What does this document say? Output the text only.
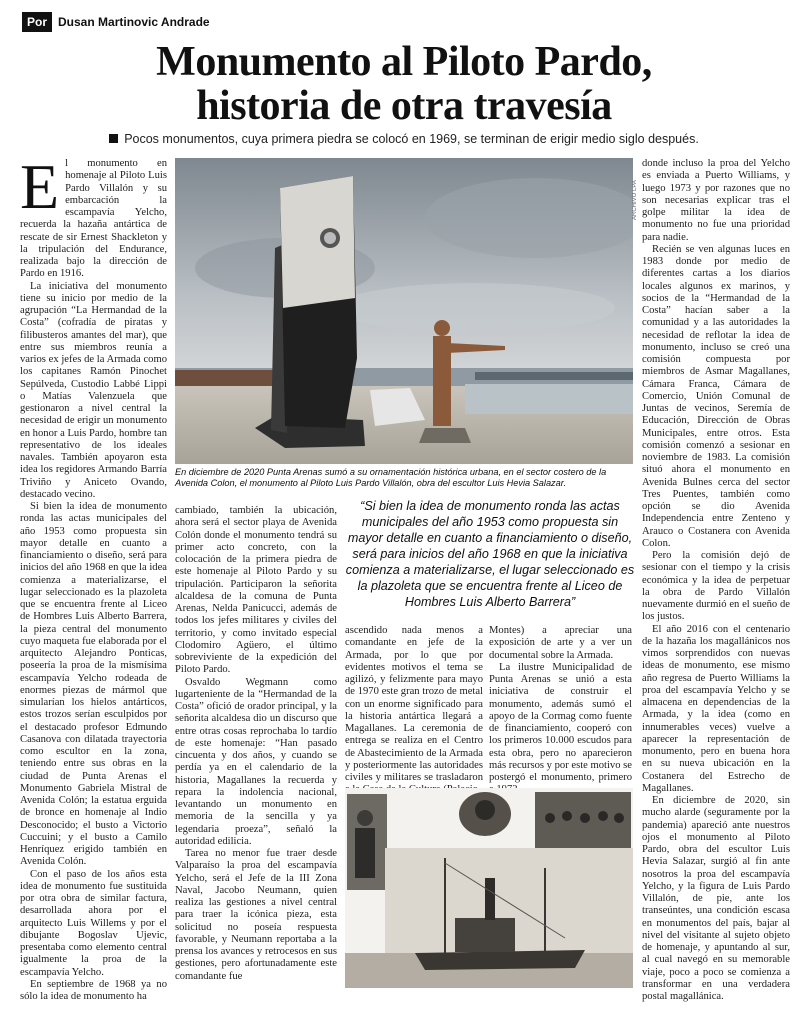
Por Dusan Martinovic Andrade
Monumento al Piloto Pardo,
historia de otra travesía
Pocos monumentos, cuya primera piedra se colocó en 1969, se terminan de erigir medio siglo después.
E l monumento en homenaje al Piloto Luis Pardo Villalón y su embarcación la escampavía Yelcho, recuerda la hazaña antártica de rescate de sir Ernest Shackleton y la tripulación del Endurance, realizada bajo la dirección de Pardo en 1916.

La iniciativa del monumento tiene su inicio por medio de la agrupación “La Hermandad de la Costa” (cofradía de piratas y filibusteros amantes del mar), que entre sus miembros reunía a varios ex jefes de la Armada como los capitanes Ramón Pinochet Sepúlveda, Custodio Labbé Lippi o Matías Valenzuela que gestionaron a nivel central la necesidad de erigir un monumento en honor a Luis Pardo, hombre tan representativo de los ideales navales. También apoyaron esta idea los regidores Armando Barría Triviño y Aniceto Ovando, destacado vecino.

Si bien la idea de monumento ronda las actas municipales del año 1953 como propuesta sin mayor detalle en cuanto a financiamiento o diseño, será para inicios del año 1968 en que la idea comienza a materializarse, el lugar seleccionado es la plazoleta que se encuentra frente al Liceo de Hombres Luis Alberto Barrera, la pieza central del monumento cuyo maqueta fue elaborada por el arquitecto Alejandro Ponticas, poseería la proa de la mismísima escampavía Yelcho rodeada de enormes piezas de mármol que simularían los hielos antárticos, estos trozos serían esculpidos por el destacado profesor Edmundo Casanova con dilatada trayectoria como escultor en la zona, teniendo entre sus obras en la ciudad de Punta Arenas el Monumento Gabriela Mistral de Avenida Colón; la estatua erguida de bronce en homenaje al Indio Desconocido; el busto a Victorio Cuccuini; y el busto a Camilo Henríquez erigido también en Avenida Colón.

Con el paso de los años esta idea de monumento fue sustituida por otra obra de similar factura, desarrollada ahora por el arquitecto Luis Willems y por el dibujante Bogoslav Ujevic, presentaba como elemento central igualmente la proa de la escampavía Yelcho.

En septiembre de 1968 ya no sólo la idea de monumento ha

ARCHIVO LPA

En diciembre de 2020 Punta Arenas sumó a su ornamentación histórica urbana, en el sector costero de la Avenida Colon, el monumento al Piloto Luis Pardo Villalón, obra del escultor Luis Hevia Salazar.

“Si bien la idea de monumento ronda las actas municipales del año 1953 como propuesta sin mayor detalle en cuanto a financiamiento o diseño, será para inicios del año 1968 en que la iniciativa comienza a materializarse, el lugar seleccionado es la plazoleta que se encuentra frente al Liceo de Hombres Luis Alberto Barrera”

cambiado, también la ubicación, ahora será el sector playa de Avenida Colón donde el monumento tendrá su primer acto concreto, con la colocación de la primera piedra de este homenaje al Piloto Pardo y su tripulación. Participaron la señorita alcaldesa de la comuna de Punta Arenas, Nelda Panicucci, además de todos los jefes militares y civiles del territorio, y como invitado especial Clodomiro Agüero, el último sobreviviente de la expedición del Piloto Pardo.

Osvaldo Wegmann como lugarteniente de la “Hermandad de la Costa” ofició de orador principal, y la señorita alcaldesa dio un discurso que entre otras cosas reprochaba lo tardío de este homenaje: “Han pasado cincuenta y dos años, y cuando se perdía ya en el calendario de la historia, Magallanes la recuerda y repara la indolencia nacional, levantando un monumento en memoria de la sencilla y ya legendaria proeza”, señaló la autoridad edilicia.

Tarea no menor fue traer desde Valparaíso la proa del escampavía Yelcho, será el Jefe de la III Zona Naval, Jacobo Neumann, quien realiza las gestiones a nivel central para traer la icónica pieza, esta solicitud no poseía respuesta favorable, y Neumann reportaba a la prensa los avances y retrocesos en sus gestiones, pero afortunadamente este comandante fue

ascendido nada menos a comandante en jefe de la Armada, por lo que por evidentes motivos el tema se agilizó, y felizmente para mayo de 1970 este gran trozo de metal con un enorme significado para la historia antártica llegará a Magallanes. La ceremonia de entrega se realiza en el Centro de Abastecimiento de la Armada y posteriormente las autoridades civiles y militares se trasladaron

Montes) a apreciar una exposición de arte y a ver un documental sobre la Armada.

La ilustre Municipalidad de Punta Arenas se unió a esta iniciativa de construir el monumento, además sumó el apoyo de la Cormag como fuente de financiamiento, cooperó con los primeros 10.000 escudos para esta obra, pero no aparecieron más recursos y por este motivo se postergó el monumento, primero

donde incluso la proa del Yelcho es enviada a Puerto Williams, y luego 1973 y por razones que no son necesarias explicar tras el golpe militar la idea de monumento no fue una prioridad para nadie.

Recién se ven algunas luces en 1983 donde por medio de diferentes cartas a los diarios locales algunos ex marinos, y socios de la “Hermandad de la Costa” hacían saber a la comunidad y a las autoridades la necesidad de reflotar la idea de monumento, incluso se creó una comisión compuesta por miembros de Asmar Magallanes, Cámara Franca, Cámara de Comercio, Unión Comunal de Juntas de vecinos, Seremía de Educación, Dirección de Obras Municipales, entre otros. Esta comisión comenzó a sesionar en noviembre de 1983. La comisión situó ahora el monumento en Avenida Bulnes cerca del sector Tres Puentes, también como opción se dio Avenida Independencia entre Zenteno y Arauco o Costanera con Avenida Colon.

Pero la comisión dejó de sesionar con el tiempo y la crisis económica y la idea de perpetuar la obra de Pardo Villalón nuevamente durmió en el sueño de los justos.

El año 2016 con el centenario de la hazaña los magallánicos nos vimos sorprendidos con nuevas ideas de monumento, ese mismo año regresa de Puerto Williams la proa del escampavía Yelcho y se almacena en dependencias de la Armada, y la idea (como en innumerables veces) vuelve a aparecer la representación de monumento, pero en buena hora en su nueva ubicación en la Costanera del Estrecho de Magallanes.

En diciembre de 2020, sin mucho alarde (seguramente por la pandemia) apareció ante nuestros ojos el monumento al Piloto Pardo, obra del escultor Luis Hevia Salazar, surgió al fin ante nosotros la proa del escampavía Yelcho, y la figura de Luis Pardo Villalón, de pie, ante los transeúntes, una condición escasa en monumentos del país, bajar al nivel del visitante al sujeto objeto de homenaje, y apuntando al sur, al cual navegó en su memorable viaje, poco a poco se comienza a transformar en una verdadera postal magallánica.
